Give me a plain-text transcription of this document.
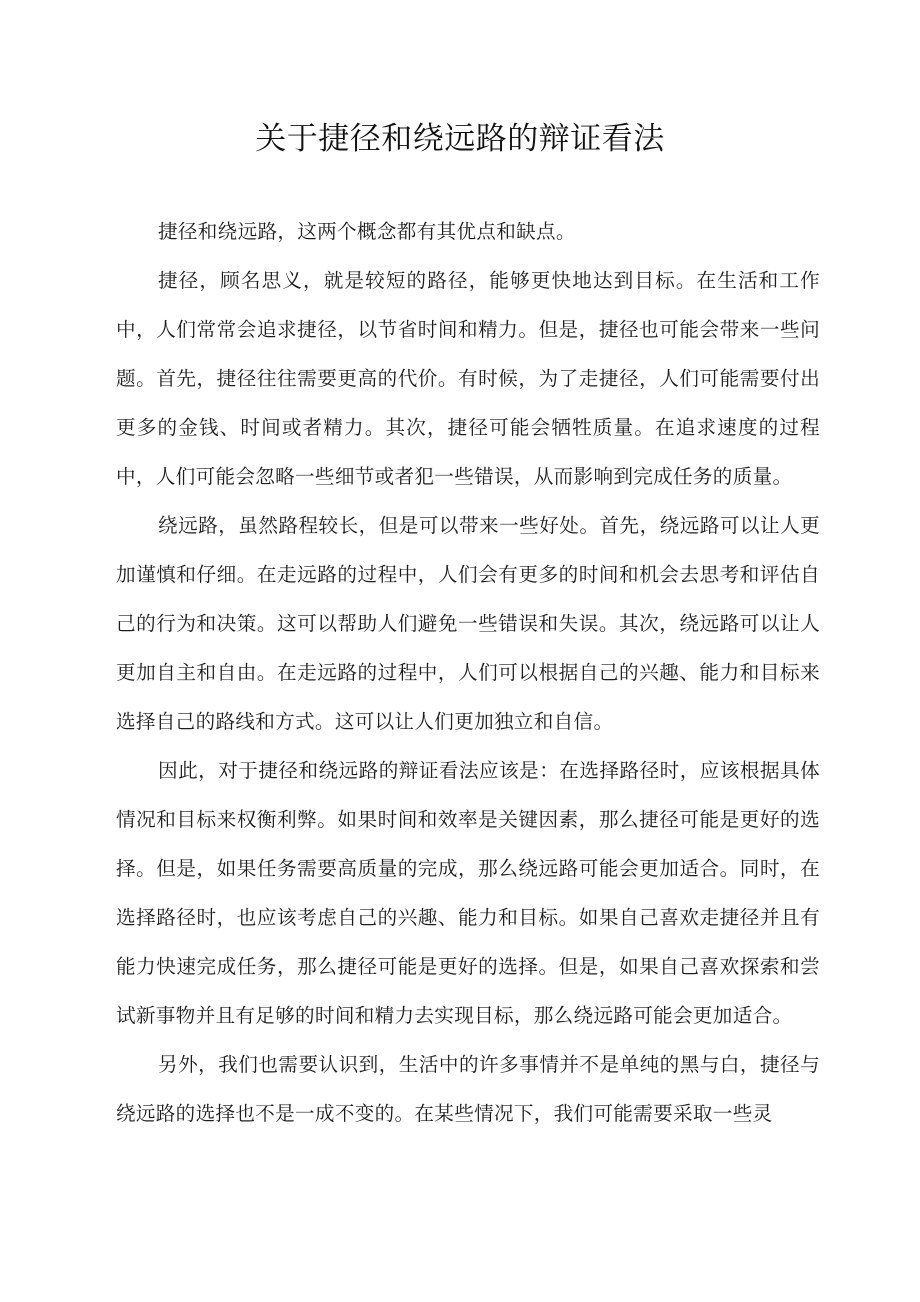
关于捷径和绕远路的辩证看法

捷径和绕远路，这两个概念都有其优点和缺点。

捷径，顾名思义，就是较短的路径，能够更快地达到目标。在生活和工作中，人们常常会追求捷径，以节省时间和精力。但是，捷径也可能会带来一些问题。首先，捷径往往需要更高的代价。有时候，为了走捷径，人们可能需要付出更多的金钱、时间或者精力。其次，捷径可能会牺牲质量。在追求速度的过程中，人们可能会忽略一些细节或者犯一些错误，从而影响到完成任务的质量。

绕远路，虽然路程较长，但是可以带来一些好处。首先，绕远路可以让人更加谨慎和仔细。在走远路的过程中，人们会有更多的时间和机会去思考和评估自己的行为和决策。这可以帮助人们避免一些错误和失误。其次，绕远路可以让人更加自主和自由。在走远路的过程中，人们可以根据自己的兴趣、能力和目标来选择自己的路线和方式。这可以让人们更加独立和自信。

因此，对于捷径和绕远路的辩证看法应该是：在选择路径时，应该根据具体情况和目标来权衡利弊。如果时间和效率是关键因素，那么捷径可能是更好的选择。但是，如果任务需要高质量的完成，那么绕远路可能会更加适合。同时，在选择路径时，也应该考虑自己的兴趣、能力和目标。如果自己喜欢走捷径并且有能力快速完成任务，那么捷径可能是更好的选择。但是，如果自己喜欢探索和尝试新事物并且有足够的时间和精力去实现目标，那么绕远路可能会更加适合。

另外，我们也需要认识到，生活中的许多事情并不是单纯的黑与白，捷径与绕远路的选择也不是一成不变的。在某些情况下，我们可能需要采取一些灵
